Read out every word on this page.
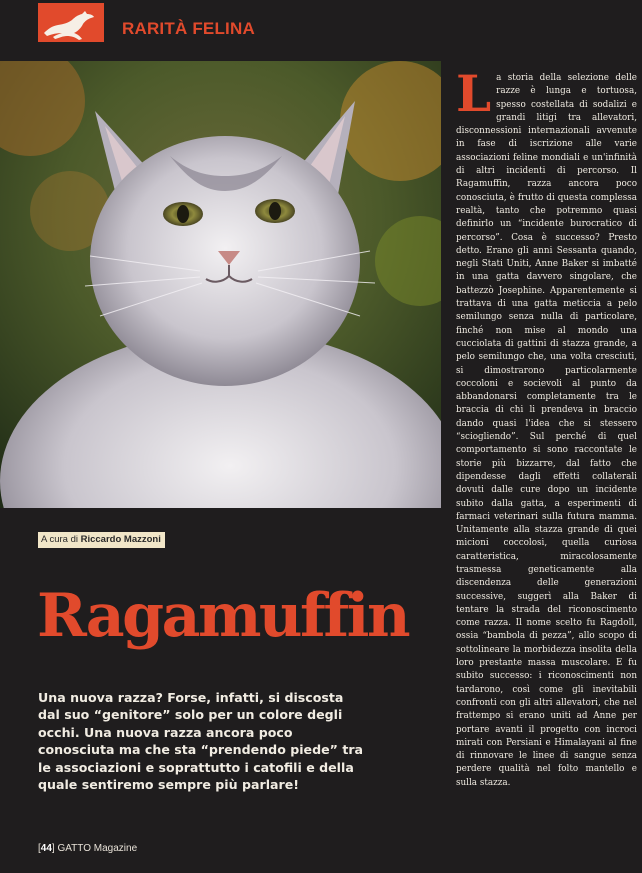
RARITÀ FELINA
A cura di Riccardo Mazzoni
Ragamuffin

Una nuova razza? Forse, infatti, si discosta dal suo “genitore” solo per un colore degli occhi. Una nuova razza ancora poco conosciuta ma che sta “prendendo piede” tra le associazioni e soprattutto i catofili e della quale sentiremo sempre più parlare!

[44] GATTO Magazine
La storia della selezione delle razze è lunga e tortuosa, spesso costellata di sodalizi e grandi litigi tra allevatori, disconnessioni internazionali avvenute in fase di iscrizione alle varie associazioni feline mondiali e un'infinità di altri incidenti di percorso. Il Ragamuffin, razza ancora poco conosciuta, è frutto di questa complessa realtà, tanto che potremmo quasi definirlo un “incidente burocratico di percorso”. Cosa è successo? Presto detto. Erano gli anni Sessanta quando, negli Stati Uniti, Anne Baker si imbatté in una gatta davvero singolare, che battezzò Josephine. Apparentemente si trattava di una gatta meticcia a pelo semilungo senza nulla di particolare, finché non mise al mondo una cucciolata di gattini di stazza grande, a pelo semilungo che, una volta cresciuti, si dimostrarono particolarmente coccoloni e socievoli al punto da abbandonarsi completamente tra le braccia di chi li prendeva in braccio dando quasi l'idea che si stessero “sciogliendo”. Sul perché di quel comportamento si sono raccontate le storie più bizzarre, dal fatto che dipendesse dagli effetti collaterali dovuti dalle cure dopo un incidente subito dalla gatta, a esperimenti di farmaci veterinari sulla futura mamma. Unitamente alla stazza grande di quei micioni coccolosi, quella curiosa caratteristica, miracolosamente trasmessa geneticamente alla discendenza delle generazioni successive, suggerì alla Baker di tentare la strada del riconoscimento come razza. Il nome scelto fu Ragdoll, ossia “bambola di pezza”, allo scopo di sottolineare la morbidezza insolita della loro prestante massa muscolare. E fu subito successo: i riconoscimenti non tardarono, così come gli inevitabili confronti con gli altri allevatori, che nel frattempo si erano uniti ad Anne per portare avanti il progetto con incroci mirati con Persiani e Himalayani al fine di rinnovare le linee di sangue senza perdere qualità nel folto mantello e sulla stazza.
